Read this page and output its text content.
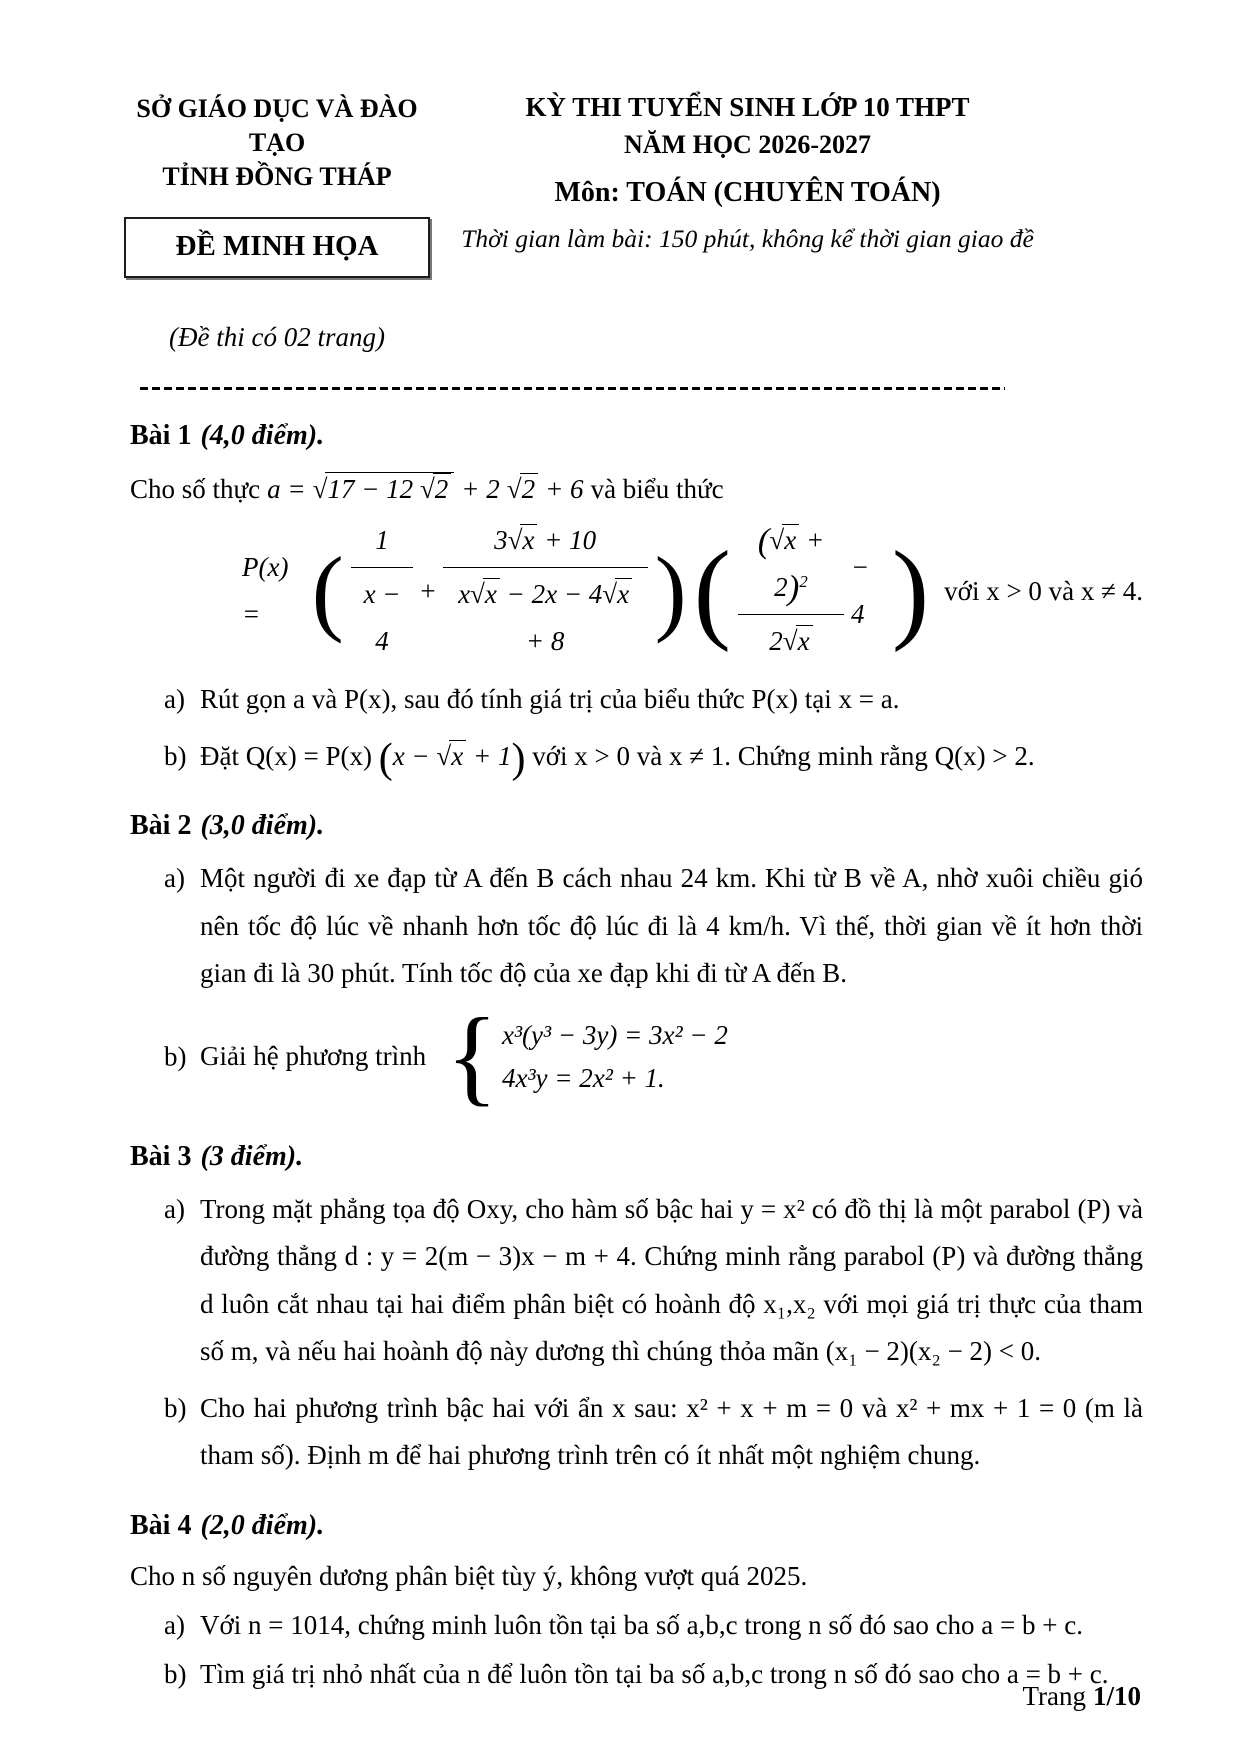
SỞ GIÁO DỤC VÀ ĐÀO TẠO
TỈNH ĐỒNG THÁP
ĐỀ MINH HỌA
(Đề thi có 02 trang)
KỲ THI TUYỂN SINH LỚP 10 THPT
NĂM HỌC 2026-2027
Môn: TOÁN (CHUYÊN TOÁN)
Thời gian làm bài: 150 phút, không kể thời gian giao đề
Bài 1 (4,0 điểm).
Cho số thực a = √17 − 12 √2 + 2 √2 + 6 và biểu thức
P(x) = ( $\frac{1}{x - 4} + \frac{3√x + 10}{x√x - 2x - 4√x + 8}$ ) ( $\frac{(√x + 2)^2}{2√x} - 4$ ) với x > 0 và x ≠ 4.
a) Rút gọn a và P(x), sau đó tính giá trị của biểu thức P(x) tại x = a.
b) Đặt Q(x) = P(x) (x − √x + 1) với x > 0 và x ≠ 1. Chứng minh rằng Q(x) > 2.
Bài 2 (3,0 điểm).
a) Một người đi xe đạp từ A đến B cách nhau 24 km. Khi từ B về A, nhờ xuôi chiều gió nên tốc độ lúc về nhanh hơn tốc độ lúc đi là 4 km/h. Vì thế, thời gian về ít hơn thời gian đi là 30 phút. Tính tốc độ của xe đạp khi đi từ A đến B.
b) Giải hệ phương trình { x³(y³ − 3y) = 3x² − 2
4x³y = 2x² + 1.
Bài 3 (3 điểm).
a) Trong mặt phẳng tọa độ Oxy, cho hàm số bậc hai y = x² có đồ thị là một parabol (P) và đường thẳng d : y = 2(m − 3)x − m + 4. Chứng minh rằng parabol (P) và đường thẳng d luôn cắt nhau tại hai điểm phân biệt có hoành độ x₁,x₂ với mọi giá trị thực của tham số m, và nếu hai hoành độ này dương thì chúng thỏa mãn (x₁ − 2)(x₂ − 2) < 0.
b) Cho hai phương trình bậc hai với ẩn x sau: x² + x + m = 0 và x² + mx + 1 = 0 (m là tham số). Định m để hai phương trình trên có ít nhất một nghiệm chung.
Bài 4 (2,0 điểm).
Cho n số nguyên dương phân biệt tùy ý, không vượt quá 2025.
a) Với n = 1014, chứng minh luôn tồn tại ba số a,b,c trong n số đó sao cho a = b + c.
b) Tìm giá trị nhỏ nhất của n để luôn tồn tại ba số a,b,c trong n số đó sao cho a = b + c.
Trang 1/10
